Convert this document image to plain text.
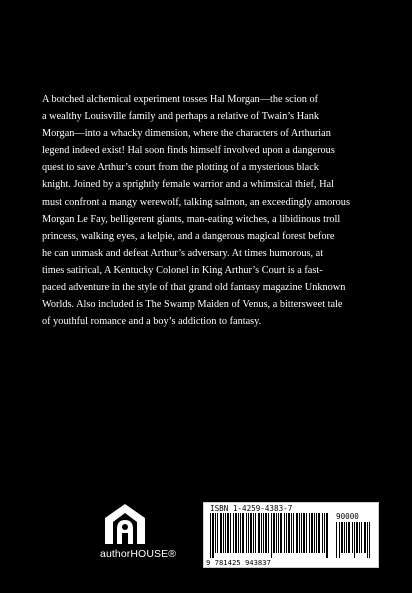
A botched alchemical experiment tosses Hal Morgan—the scion of
a wealthy Louisville family and perhaps a relative of Twain’s Hank
Morgan—into a whacky dimension, where the characters of Arthurian
legend indeed exist! Hal soon finds himself involved upon a dangerous
quest to save Arthur’s court from the plotting of a mysterious black
knight. Joined by a sprightly female warrior and a whimsical thief, Hal
must confront a mangy werewolf, talking salmon, an exceedingly amorous
Morgan Le Fay, belligerent giants, man-eating witches, a libidinous troll
princess, walking eyes, a kelpie, and a dangerous magical forest before
he can unmask and defeat Arthur’s adversary. At times humorous, at
times satirical, A Kentucky Colonel in King Arthur’s Court is a fast-
paced adventure in the style of that grand old fantasy magazine Unknown
Worlds. Also included is The Swamp Maiden of Venus, a bittersweet tale
of youthful romance and a boy’s addiction to fantasy.

authorHOUSE®
ISBN 1-4259-4383-7
90000
9 781425 943837
